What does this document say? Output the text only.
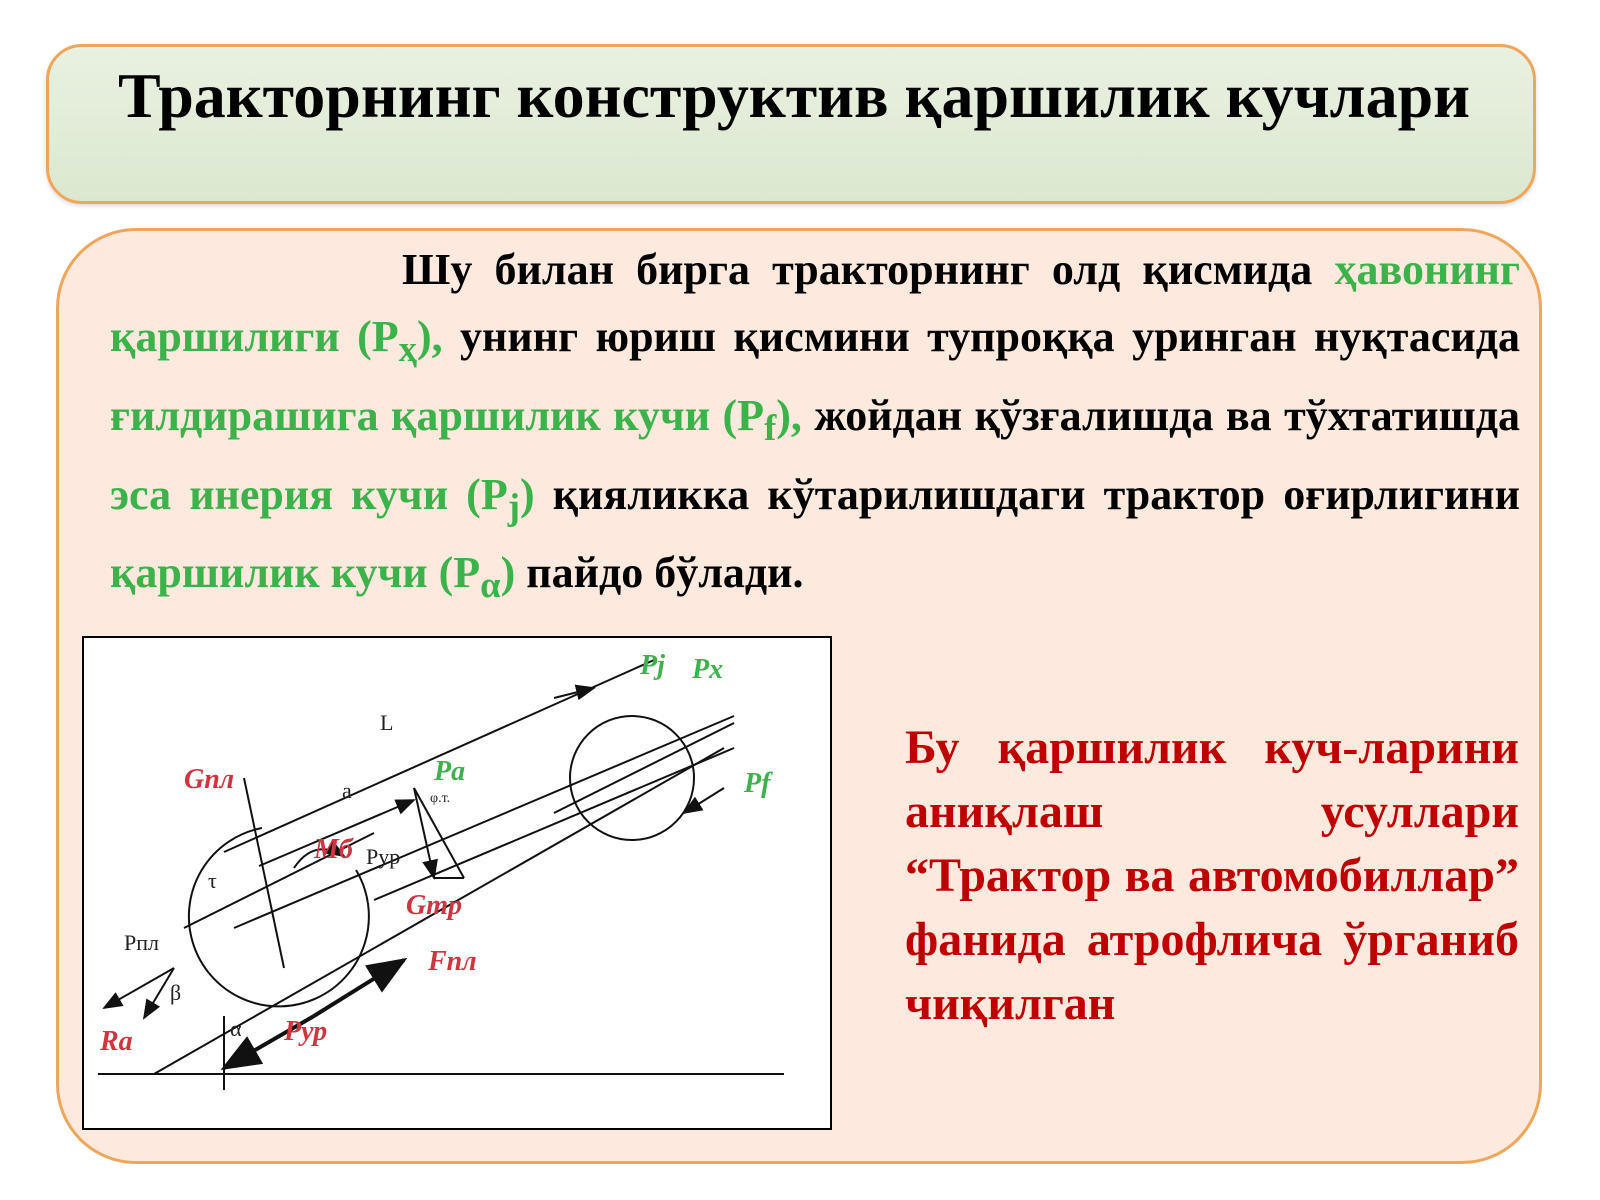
Тракторнинг конструктив қаршилик кучлари

Шу билан бирга тракторнинг олд қисмида ҳавонинг қаршилиги $(Р_ҳ)$, унинг юриш қисмини тупроққа уринган нуқтасида ғилдирашига қаршилик кучи $(Р_f)$, жойдан қўзғалишда ва тўхтатишда эса инерия кучи $(Р_j)$ қияликка кўтарилишдаги трактор оғирлигини қаршилик кучи $(Р_\alpha)$ пайдо бўлади.

L
a
Gпл
Mб
Pa
Pур
Gтр
Fпл
Pур
Pпл
Ra
Pj Px
Pf
α
β
τ
φ.т.

Бу қаршилик куч-ларини аниқлаш усуллари “Трактор ва автомобиллар” фанида атрофлича ўрганиб
чиқилган
